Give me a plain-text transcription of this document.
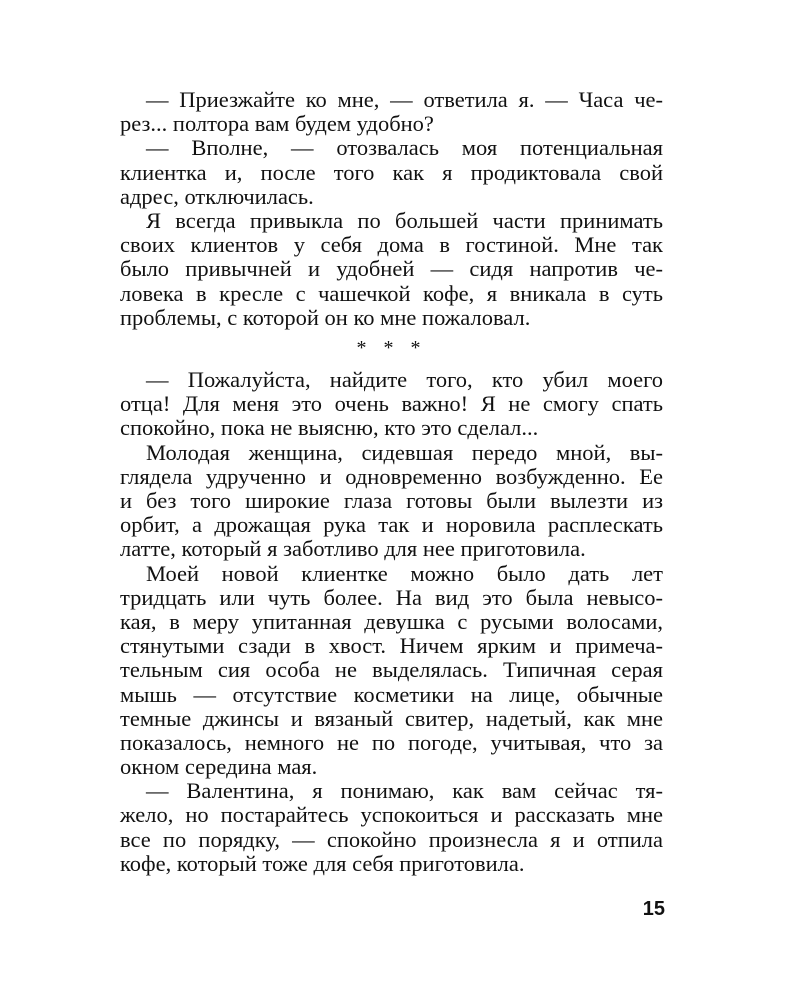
— Приезжайте ко мне, — ответила я. — Часа че-
рез... полтора вам будем удобно?
— Вполне, — отозвалась моя потенциальная
клиентка и, после того как я продиктовала свой
адрес, отключилась.
Я всегда привыкла по большей части принимать
своих клиентов у себя дома в гостиной. Мне так
было привычней и удобней — сидя напротив че-
ловека в кресле с чашечкой кофе, я вникала в суть
проблемы, с которой он ко мне пожаловал.
* * *
— Пожалуйста, найдите того, кто убил моего
отца! Для меня это очень важно! Я не смогу спать
спокойно, пока не выясню, кто это сделал...
Молодая женщина, сидевшая передо мной, вы-
глядела удрученно и одновременно возбужденно. Ее
и без того широкие глаза готовы были вылезти из
орбит, а дрожащая рука так и норовила расплескать
латте, который я заботливо для нее приготовила.
Моей новой клиентке можно было дать лет
тридцать или чуть более. На вид это была невысо-
кая, в меру упитанная девушка с русыми волосами,
стянутыми сзади в хвост. Ничем ярким и примеча-
тельным сия особа не выделялась. Типичная серая
мышь — отсутствие косметики на лице, обычные
темные джинсы и вязаный свитер, надетый, как мне
показалось, немного не по погоде, учитывая, что за
окном середина мая.
— Валентина, я понимаю, как вам сейчас тя-
жело, но постарайтесь успокоиться и рассказать мне
все по порядку, — спокойно произнесла я и отпила
кофе, который тоже для себя приготовила.
15
